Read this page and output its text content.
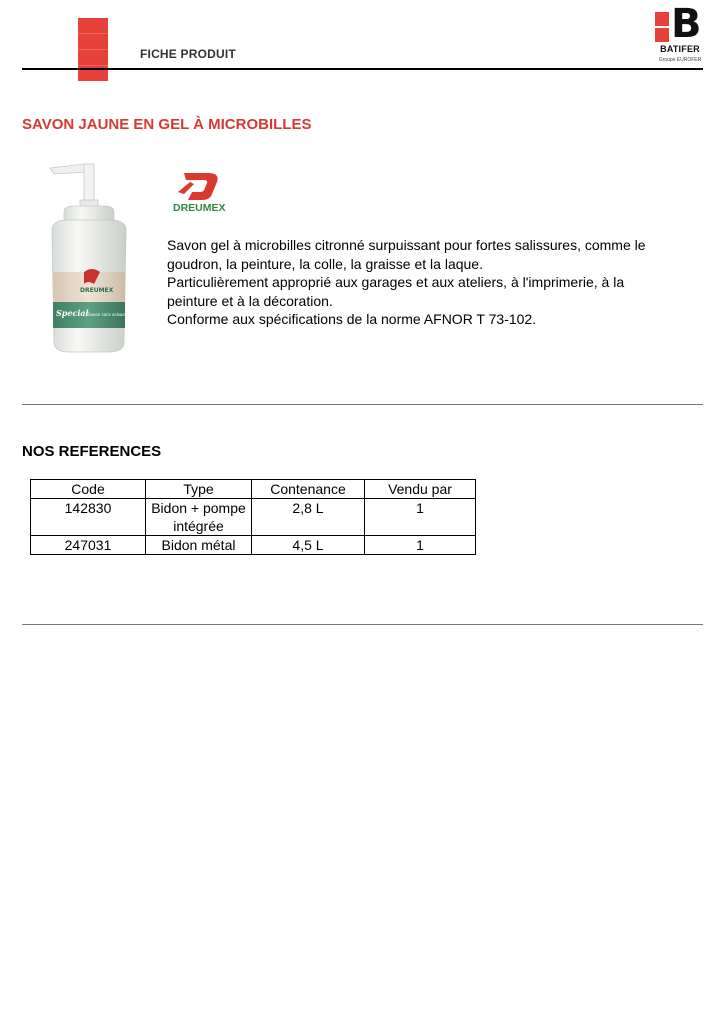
FICHE PRODUIT
B
BATIFER
Groupe EUROFER
SAVON JAUNE EN GEL À MICROBILLES
DREUMEX
Special Savon sans solvant
DREUMEX

Savon gel à microbilles citronné surpuissant pour fortes salissures, comme le goudron, la peinture, la colle, la graisse et la laque.

Particulièrement approprié aux garages et aux ateliers, à l'imprimerie, à la peinture et à la décoration.

Conforme aux spécifications de la norme AFNOR T 73-102.

NOS REFERENCES
Code	Type	Contenance	Vendu par
142830	Bidon + pompe intégrée	2,8 L	1
247031	Bidon métal	4,5 L	1
